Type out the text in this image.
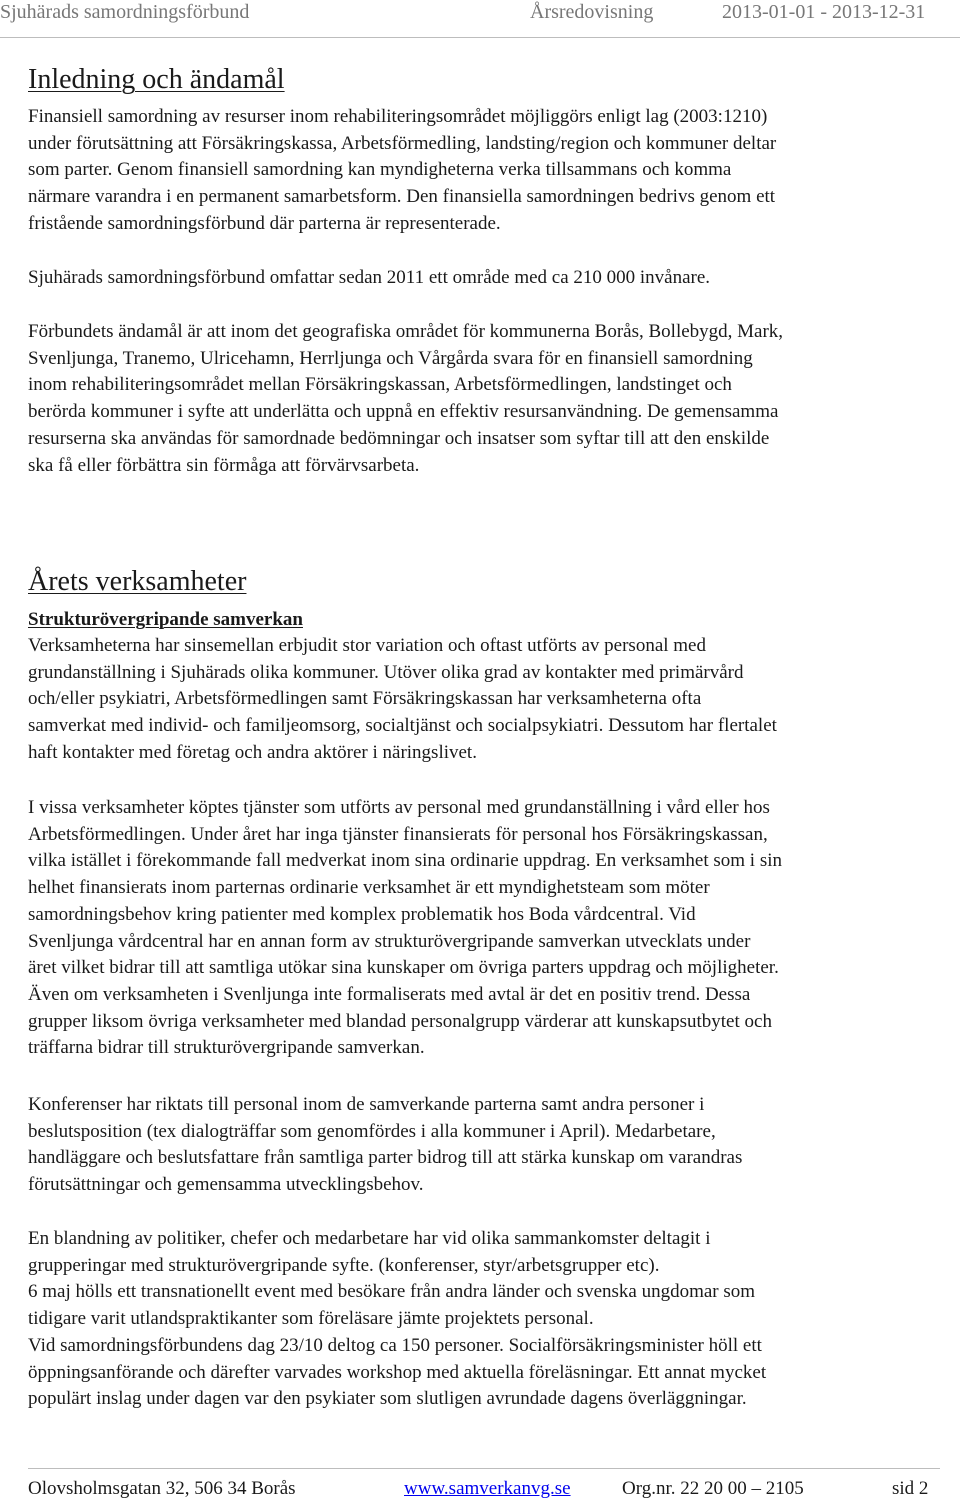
Sjuhärads samordningsförbund	Årsredovisning	2013-01-01 - 2013-12-31
Inledning och ändamål

Finansiell samordning av resurser inom rehabiliteringsområdet möjliggörs enligt lag (2003:1210)
under förutsättning att Försäkringskassa, Arbetsförmedling, landsting/region och kommuner deltar
som parter. Genom finansiell samordning kan myndigheterna verka tillsammans och komma
närmare varandra i en permanent samarbetsform. Den finansiella samordningen bedrivs genom ett
fristående samordningsförbund där parterna är representerade.

Sjuhärads samordningsförbund omfattar sedan 2011 ett område med ca 210 000 invånare.

Förbundets ändamål är att inom det geografiska området för kommunerna Borås, Bollebygd, Mark,
Svenljunga, Tranemo, Ulricehamn, Herrljunga och Vårgårda svara för en finansiell samordning
inom rehabiliteringsområdet mellan Försäkringskassan, Arbetsförmedlingen, landstinget och
berörda kommuner i syfte att underlätta och uppnå en effektiv resursanvändning. De gemensamma
resurserna ska användas för samordnade bedömningar och insatser som syftar till att den enskilde
ska få eller förbättra sin förmåga att förvärvsarbeta.

Årets verksamheter
Strukturövergripande samverkan

Verksamheterna har sinsemellan erbjudit stor variation och oftast utförts av personal med
grundanställning i Sjuhärads olika kommuner. Utöver olika grad av kontakter med primärvård
och/eller psykiatri, Arbetsförmedlingen samt Försäkringskassan har verksamheterna ofta
samverkat med individ- och familjeomsorg, socialtjänst och socialpsykiatri. Dessutom har flertalet
haft kontakter med företag och andra aktörer i näringslivet.

I vissa verksamheter köptes tjänster som utförts av personal med grundanställning i vård eller hos
Arbetsförmedlingen. Under året har inga tjänster finansierats för personal hos Försäkringskassan,
vilka istället i förekommande fall medverkat inom sina ordinarie uppdrag. En verksamhet som i sin
helhet finansierats inom parternas ordinarie verksamhet är ett myndighetsteam som möter
samordningsbehov kring patienter med komplex problematik hos Boda vårdcentral. Vid
Svenljunga vårdcentral har en annan form av strukturövergripande samverkan utvecklats under
äret vilket bidrar till att samtliga utökar sina kunskaper om övriga parters uppdrag och möjligheter.
Även om verksamheten i Svenljunga inte formaliserats med avtal är det en positiv trend. Dessa
grupper liksom övriga verksamheter med blandad personalgrupp värderar att kunskapsutbytet och
träffarna bidrar till strukturövergripande samverkan.

Konferenser har riktats till personal inom de samverkande parterna samt andra personer i
beslutsposition (tex dialogträffar som genomfördes i alla kommuner i April). Medarbetare,
handläggare och beslutsfattare från samtliga parter bidrog till att stärka kunskap om varandras
förutsättningar och gemensamma utvecklingsbehov.

En blandning av politiker, chefer och medarbetare har vid olika sammankomster deltagit i
grupperingar med strukturövergripande syfte. (konferenser, styr/arbetsgrupper etc).
6 maj hölls ett transnationellt event med besökare från andra länder och svenska ungdomar som
tidigare varit utlandspraktikanter som föreläsare jämte projektets personal.
Vid samordningsförbundens dag 23/10 deltog ca 150 personer. Socialförsäkringsminister höll ett
öppningsanförande och därefter varvades workshop med aktuella föreläsningar. Ett annat mycket
populärt inslag under dagen var den psykiater som slutligen avrundade dagens överläggningar.

Olovsholmsgatan 32, 506 34 Borås	www.samverkanvg.se	Org.nr. 22 20 00 – 2105	sid 2
